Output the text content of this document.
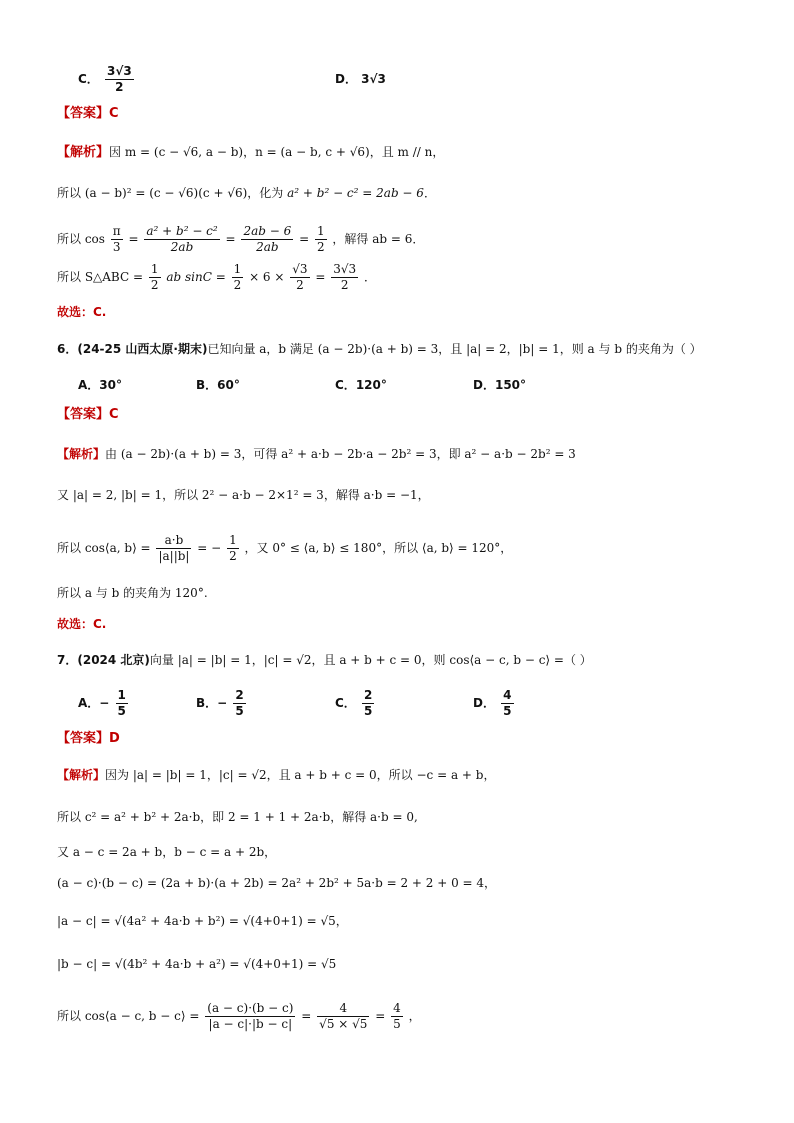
C． $\frac{3√3}{2}$	D． 3√3
【答案】C
【解析】因 m = (c − √6, a − b)，n = (a − b, c + √6)，且 m // n，
所以 (a − b)² = (c − √6)(c + √6)，化为 a² + b² − c² = 2ab − 6．
所以 $\cos \frac{\pi}{3} = \frac{\text{a² + b² − c²}}{2ab} = \frac{2ab - 6}{2ab} = \frac{1}{2}$ ，解得 ab = 6．
所以 S△ABC = $\frac{1}{2}$ ab $\sin C = \frac{1}{2} \times 6 \times \frac{√3}{2} = \frac{3√3}{2}$ ．
故选：C.
6．(24-25 山西太原·期末)已知向量 a，b 满足 (a − 2b)·(a + b) = 3，且 |a| = 2，|b| = 1，则 a 与 b 的夹角为（ ）
A．30°	B．60°	C．120°	D．150°
【答案】C
【解析】由 (a − 2b)·(a + b) = 3，可得 a² + a·b − 2b·a − 2b² = 3，即 a² − a·b − 2b² = 3
又 |a| = 2, |b| = 1，所以 2² − a·b − 2×1² = 3，解得 a·b = −1，
所以 cos⟨a, b⟩ = $\frac{a\cdot b}{|a||b|}$ = − $\frac{1}{2}$ ，又 0° ≤ ⟨a, b⟩ ≤ 180°，所以 ⟨a, b⟩ = 120°，
所以 a 与 b 的夹角为 120°.
故选：C.
7．(2024 北京)向量 |a| = |b| = 1，|c| = √2，且 a + b + c = 0，则 cos⟨a − c, b − c⟩ =（ ）
A．− $\frac{1}{5}$	B．− $\frac{2}{5}$	C． $\frac{2}{5}$	D． $\frac{4}{5}$
【答案】D
【解析】因为 |a| = |b| = 1，|c| = √2，且 a + b + c = 0，所以 −c = a + b，
所以 c² = a² + b² + 2a·b，即 2 = 1 + 1 + 2a·b，解得 a·b = 0,
又 a − c = 2a + b，b − c = a + 2b，
(a − c)·(b − c) = (2a + b)·(a + 2b) = 2a² + 2b² + 5a·b = 2 + 2 + 0 = 4，
|a − c| = √(4a² + 4a·b + b²) = √(4+0+1) = √5，
|b − c| = √(4b² + 4a·b + a²) = √(4+0+1) = √5
所以 cos⟨a − c, b − c⟩ = $\frac{(a - c)\cdot(b - c)}{|a - c|\cdot|b - c|} = \frac{4}{√5 \times √5} = \frac{4}{5}$ ，
